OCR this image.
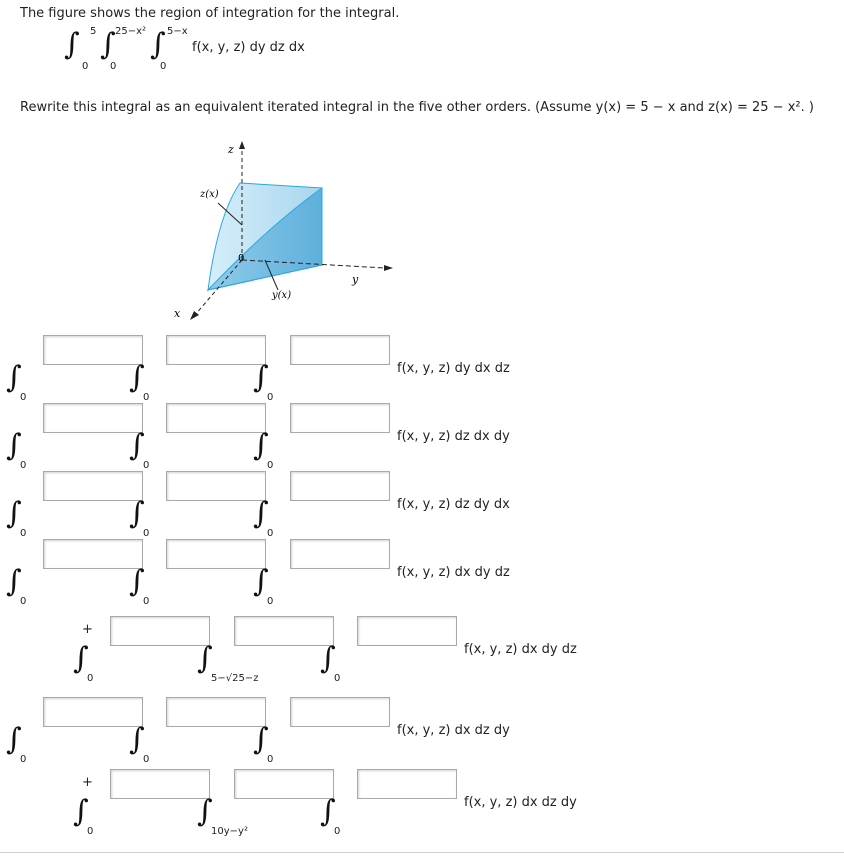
The figure shows the region of integration for the integral.
∫ 5
0
∫ 25−x²
0
∫ 5−x
0
f(x, y, z) dy dz dx
Rewrite this integral as an equivalent iterated integral in the five other orders. (Assume y(x) = 5 − x and z(x) = 25 − x². )
z
y
x
0
z(x)
y(x)
∫
0
∫
0
∫
0
f(x, y, z) dy dx dz
∫
0
∫
0
∫
0
f(x, y, z) dz dx dy
∫
0
∫
0
∫
0
f(x, y, z) dz dy dx
∫
0
∫
0
∫
0
f(x, y, z) dx dy dz
+
∫
0
∫
5−√25−z
∫
0
f(x, y, z) dx dy dz
∫
0
∫
0
∫
0
f(x, y, z) dx dz dy
+
∫
0
∫
10y−y²
∫
0
f(x, y, z) dx dz dy
